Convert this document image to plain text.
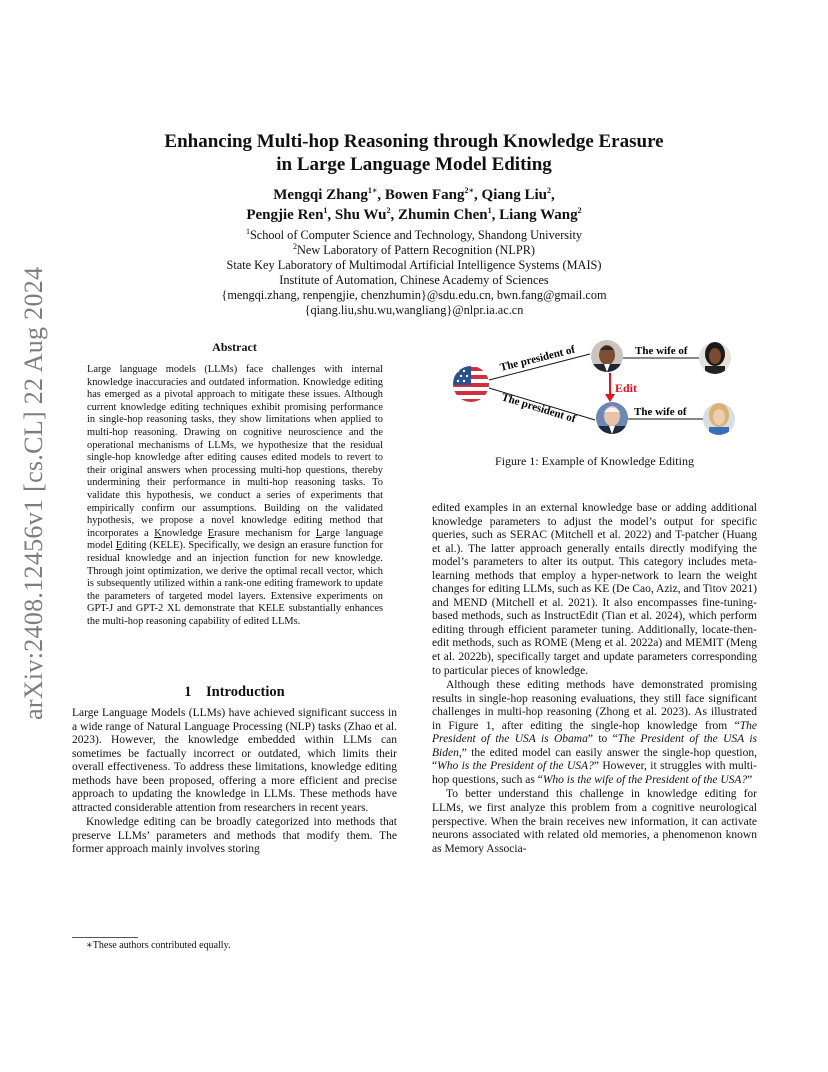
arXiv:2408.12456v1 [cs.CL] 22 Aug 2024
Enhancing Multi-hop Reasoning through Knowledge Erasure
in Large Language Model Editing
Mengqi Zhang$^{1∗}$, Bowen Fang$^{2∗}$, Qiang Liu$^2$,
Pengjie Ren$^1$, Shu Wu$^2$, Zhumin Chen$^1$, Liang Wang$^2$
$^1$School of Computer Science and Technology, Shandong University
$^2$New Laboratory of Pattern Recognition (NLPR)
State Key Laboratory of Multimodal Artificial Intelligence Systems (MAIS)
Institute of Automation, Chinese Academy of Sciences
{mengqi.zhang, renpengjie, chenzhumin}@sdu.edu.cn, bwn.fang@gmail.com
{qiang.liu,shu.wu,wangliang}@nlpr.ia.ac.cn
Abstract

Large language models (LLMs) face challenges with internal knowledge inaccuracies and outdated information. Knowledge editing has emerged as a pivotal approach to mitigate these issues. Although current knowledge editing techniques exhibit promising performance in single-hop reasoning tasks, they show limitations when applied to multi-hop reasoning. Drawing on cognitive neuroscience and the operational mechanisms of LLMs, we hypothesize that the residual single-hop knowledge after editing causes edited models to revert to their original answers when processing multi-hop questions, thereby undermining their performance in multi-hop reasoning tasks. To validate this hypothesis, we conduct a series of experiments that empirically confirm our assumptions. Building on the validated hypothesis, we propose a novel knowledge editing method that incorporates a Knowledge Erasure mechanism for Large language model Editing (KELE). Specifically, we design an erasure function for residual knowledge and an injection function for new knowledge. Through joint optimization, we derive the optimal recall vector, which is subsequently utilized within a rank-one editing framework to update the parameters of targeted model layers. Extensive experiments on GPT-J and GPT-2 XL demonstrate that KELE substantially enhances the multi-hop reasoning capability of edited LLMs.

1    Introduction

Large Language Models (LLMs) have achieved significant success in a wide range of Natural Language Processing (NLP) tasks (Zhao et al. 2023). However, the knowledge embedded within LLMs can sometimes be factually incorrect or outdated, which limits their overall effectiveness. To address these limitations, knowledge editing methods have been proposed, offering a more efficient and precise approach to updating the knowledge in LLMs. These methods have attracted considerable attention from researchers in recent years.

Knowledge editing can be broadly categorized into methods that preserve LLMs’ parameters and methods that modify them. The former approach mainly involves storing

∗These authors contributed equally.
The president of
The president of
The wife of
The wife of
Edit
Figure 1: Example of Knowledge Editing

edited examples in an external knowledge base or adding additional knowledge parameters to adjust the model’s output for specific queries, such as SERAC (Mitchell et al. 2022) and T-patcher (Huang et al.). The latter approach generally entails directly modifying the model’s parameters to alter its output. This category includes meta-learning methods that employ a hyper-network to learn the weight changes for editing LLMs, such as KE (De Cao, Aziz, and Titov 2021) and MEND (Mitchell et al. 2021). It also encompasses fine-tuning-based methods, such as InstructEdit (Tian et al. 2024), which perform editing through efficient parameter tuning. Additionally, locate-then-edit methods, such as ROME (Meng et al. 2022a) and MEMIT (Meng et al. 2022b), specifically target and update parameters corresponding to particular pieces of knowledge.

Although these editing methods have demonstrated promising results in single-hop reasoning evaluations, they still face significant challenges in multi-hop reasoning (Zhong et al. 2023). As illustrated in Figure 1, after editing the single-hop knowledge from “The President of the USA is Obama” to “The President of the USA is Biden,” the edited model can easily answer the single-hop question, “Who is the President of the USA?” However, it struggles with multi-hop questions, such as “Who is the wife of the President of the USA?”

To better understand this challenge in knowledge editing for LLMs, we first analyze this problem from a cognitive neurological perspective. When the brain receives new information, it can activate neurons associated with related old memories, a phenomenon known as Memory Associa-
